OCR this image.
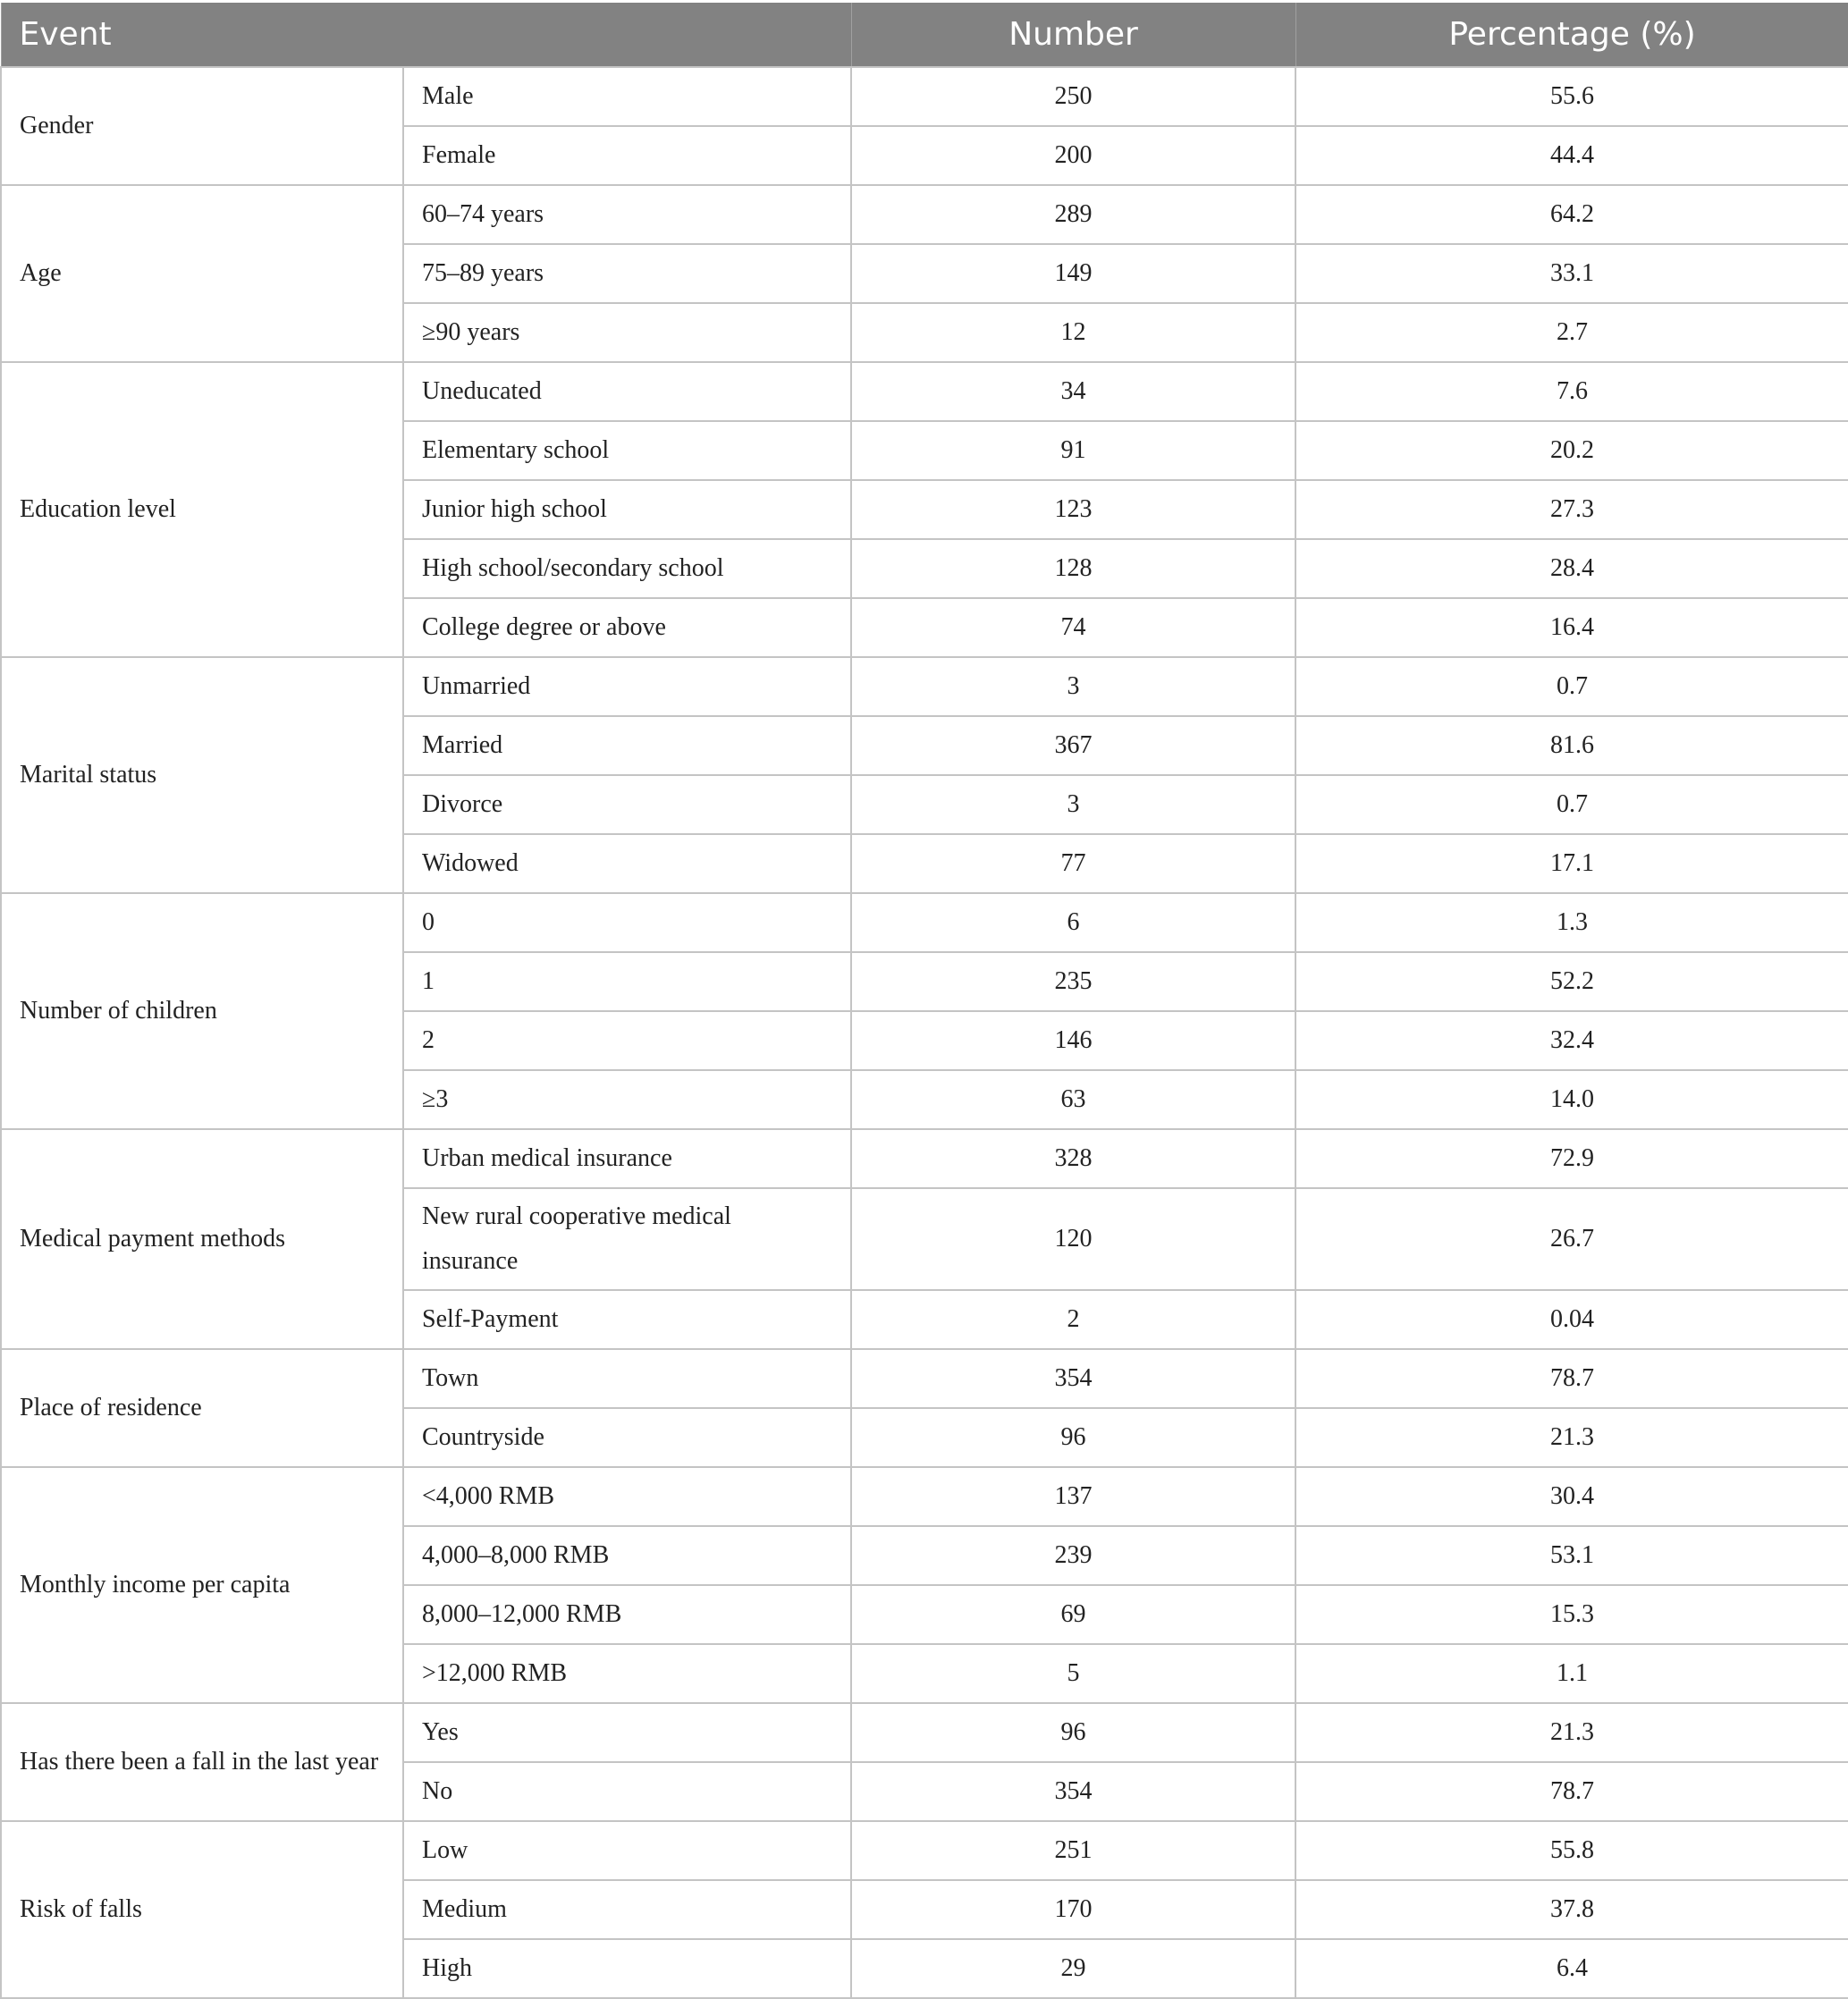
Event		Number	Percentage (%)
Gender	Male	250	55.6
	Female	200	44.4
Age	60–74 years	289	64.2
	75–89 years	149	33.1
	≥90 years	12	2.7
Education level	Uneducated	34	7.6
	Elementary school	91	20.2
	Junior high school	123	27.3
	High school/secondary school	128	28.4
	College degree or above	74	16.4
Marital status	Unmarried	3	0.7
	Married	367	81.6
	Divorce	3	0.7
	Widowed	77	17.1
Number of children	0	6	1.3
	1	235	52.2
	2	146	32.4
	≥3	63	14.0
Medical payment methods	Urban medical insurance	328	72.9
	New rural cooperative medical insurance	120	26.7
	Self-Payment	2	0.04
Place of residence	Town	354	78.7
	Countryside	96	21.3
Monthly income per capita	<4,000 RMB	137	30.4
	4,000–8,000 RMB	239	53.1
	8,000–12,000 RMB	69	15.3
	>12,000 RMB	5	1.1
Has there been a fall in the last year	Yes	96	21.3
	No	354	78.7
Risk of falls	Low	251	55.8
	Medium	170	37.8
	High	29	6.4
